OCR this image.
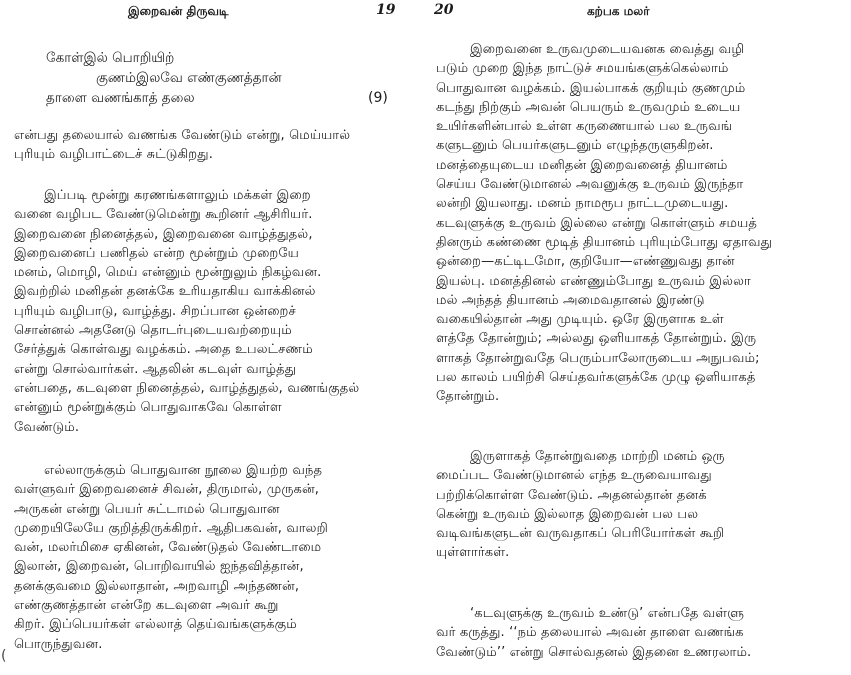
இறைவன் திருவடி	19
கோள்இல் பொறியிற்
குணம்இலவே எண்குணத்தான்
தாளை வணங்காத் தலை	(9)
என்பது தலையால் வணங்க வேண்டும் என்று, மெய்யால்
புரியும் வழிபாட்டைச் சுட்டுகிறது.
இப்படி மூன்று கரணங்களாலும் மக்கள் இறை
வனை வழிபட வேண்டுமென்று கூறினர் ஆசிரியர்.
இறைவனை நினைத்தல், இறைவனை வாழ்த்துதல்,
இறைவனைப் பணிதல் என்ற மூன்றும் முறையே
மனம், மொழி, மெய் என்னும் மூன்றுலும் நிகழ்வன.
இவற்றில் மனிதன் தனக்கே உரியதாகிய வாக்கினல்
புரியும் வழிபாடு, வாழ்த்து. சிறப்பான ஒன்றைச்
சொன்னல் அதனேடு தொடர்புடையவற்றையும்
சேர்த்துக் கொள்வது வழக்கம். அதை உபலட்சணம்
என்று சொல்வார்கள். ஆதலின் கடவுள் வாழ்த்து
என்பதை, கடவுளை நினைத்தல், வாழ்த்துதல், வணங்குதல்
என்னும் மூன்றுக்கும் பொதுவாகவே கொள்ள
வேண்டும்.
எல்லாருக்கும் பொதுவான நூலை இயற்ற வந்த
வள்ளுவர் இறைவனைச் சிவன், திருமால், முருகன்,
அருகன் என்று பெயர் சுட்டாமல் பொதுவான
முறையிலேயே குறித்திருக்கிறர். ஆதிபகவன், வாலறி
வன், மலர்மிசை ஏகினன், வேண்டுதல் வேண்டாமை
இலான், இறைவன், பொறிவாயில் ஐந்தவித்தான்,
தனக்குவமை இல்லாதான், அறவாழி அந்தணன்,
எண்குணத்தான் என்றே கடவுளை அவர் கூறு
கிறர். இப்பெயர்கள் எல்லாத் தெய்வங்களுக்கும்
பொருந்துவன.
(
20	கற்பக மலர்
இறைவனை உருவமுடையவனக வைத்து வழி
படும் முறை இந்த நாட்டுச் சமயங்களுக்கெல்லாம்
பொதுவான வழக்கம். இயல்பாகக் குறியும் குணமும்
கடந்து நிற்கும் அவன் பெயரும் உருவமும் உடைய
உயிர்களின்பால் உள்ள கருணையால் பல உருவங்
களுடனும் பெயர்களுடனும் எழுந்தருளுகிறன்.
மனத்தையுடைய மனிதன் இறைவனைத் தியானம்
செய்ய வேண்டுமானல் அவனுக்கு உருவம் இருந்தா
லன்றி இயலாது. மனம் நாமரூப நாட்டமுடையது.
கடவுளுக்கு உருவம் இல்லை என்று கொள்ளும் சமயத்
தினரும் கண்ணை மூடித் தியானம் புரியும்போது ஏதாவது
ஒன்றை—கட்டிடமோ, குறியோ—எண்ணுவது தான்
இயல்பு. மனத்தினல் எண்ணும்போது உருவம் இல்லா
மல் அந்தத் தியானம் அமைவதானல் இரண்டு
வகையில்தான் அது முடியும். ஒரே இருளாக உள்
ளத்தே தோன்றும்; அல்லது ஒளியாகத் தோன்றும். இரு
ளாகத் தோன்றுவதே பெரும்பாலோருடைய அநுபவம்;
பல காலம் பயிற்சி செய்தவர்களுக்கே முழு ஒளியாகத்
தோன்றும்.
இருளாகத் தோன்றுவதை மாற்றி மனம் ஒரு
மைப்பட வேண்டுமானல் எந்த உருவையாவது
பற்றிக்கொள்ள வேண்டும். அதனல்தான் தனக்
கென்று உருவம் இல்லாத இறைவன் பல பல
வடிவங்களுடன் வருவதாகப் பெரியோர்கள் கூறி
யுள்ளார்கள்.
‘கடவுளுக்கு உருவம் உண்டு’ என்பதே வள்ளு
வர் கருத்து. ‘‘நம் தலையால் அவன் தாளை வணங்க
வேண்டும்’’ என்று சொல்வதனல் இதனை உணரலாம்.
